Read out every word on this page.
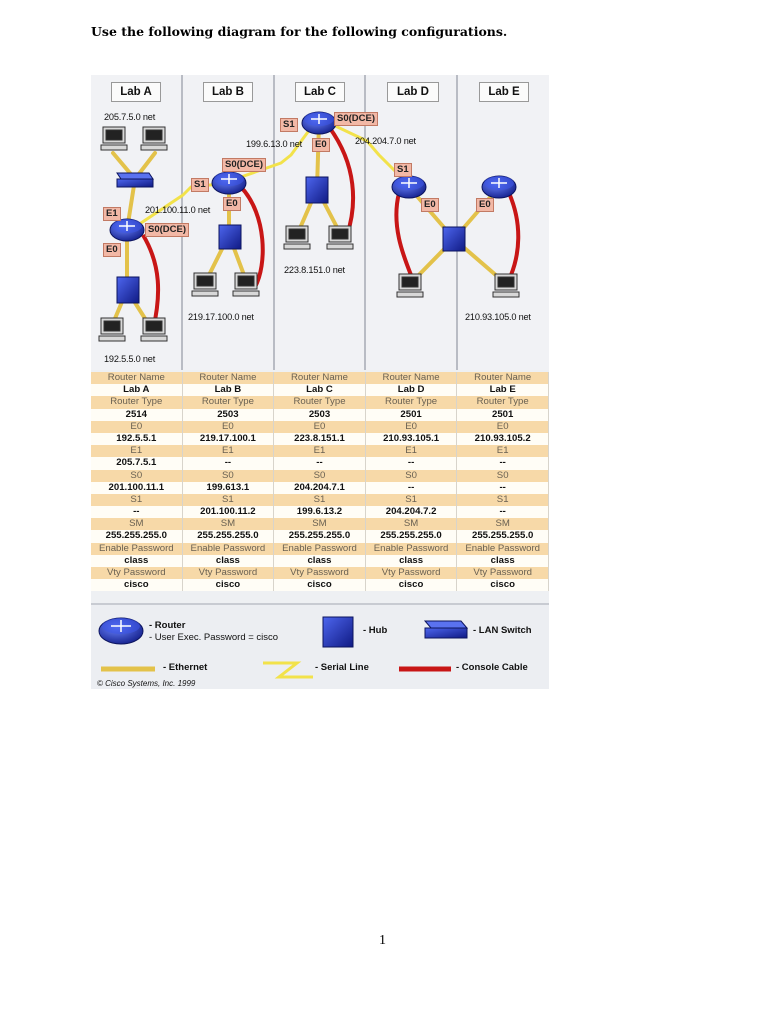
Use the following diagram for the following configurations.
Lab A	Lab B	Lab C	Lab D	Lab E
205.7.5.0 net
199.6.13.0 net	204.204.7.0 net
201.100.11.0 net
223.8.151.0 net
219.17.100.0 net	210.93.105.0 net
192.5.5.0 net
E1
E0
S0(DCE)
S1
S0(DCE)
E0
S1
S0(DCE)
E0
S1
E0	E0
Router Name	Router Name	Router Name	Router Name	Router Name
Lab A	Lab B	Lab C	Lab D	Lab E
Router Type	Router Type	Router Type	Router Type	Router Type
2514	2503	2503	2501	2501
E0	E0	E0	E0	E0
192.5.5.1	219.17.100.1	223.8.151.1	210.93.105.1	210.93.105.2
E1	E1	E1	E1	E1
205.7.5.1	--	--	--	--
S0	S0	S0	S0	S0
201.100.11.1	199.613.1	204.204.7.1	--	--
S1	S1	S1	S1	S1
--	201.100.11.2	199.6.13.2	204.204.7.2	--
SM	SM	SM	SM	SM
255.255.255.0	255.255.255.0	255.255.255.0	255.255.255.0	255.255.255.0
Enable Password	Enable Password	Enable Password	Enable Password	Enable Password
class	class	class	class	class
Vty Password	Vty Password	Vty Password	Vty Password	Vty Password
cisco	cisco	cisco	cisco	cisco
- Router
- User Exec. Password = cisco
- Hub	- LAN Switch
- Ethernet	- Serial Line	- Console Cable
© Cisco Systems, Inc. 1999
1
